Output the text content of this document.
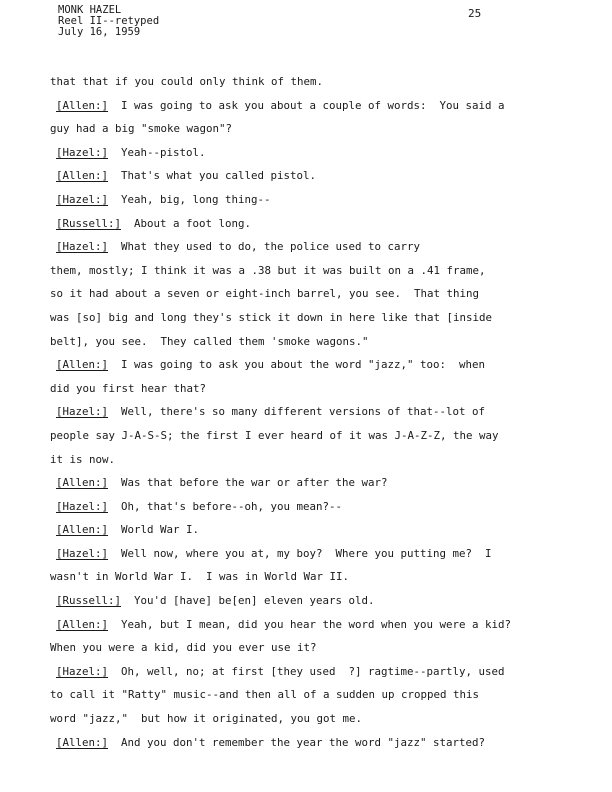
MONK HAZEL
Reel II--retyped
July 16, 1959
25
that that if you could only think of them.
[Allen:] I was going to ask you about a couple of words:  You said a
guy had a big "smoke wagon"?
[Hazel:] Yeah--pistol.
[Allen:] That's what you called pistol.
[Hazel:] Yeah, big, long thing--
[Russell:] About a foot long.
[Hazel:] What they used to do, the police used to carry
them, mostly; I think it was a .38 but it was built on a .41 frame,
so it had about a seven or eight-inch barrel, you see.  That thing
was [so] big and long they's stick it down in here like that [inside
belt], you see.  They called them 'smoke wagons."
[Allen:] I was going to ask you about the word "jazz," too:  when
did you first hear that?
[Hazel:] Well, there's so many different versions of that--lot of
people say J-A-S-S; the first I ever heard of it was J-A-Z-Z, the way
it is now.
[Allen:] Was that before the war or after the war?
[Hazel:] Oh, that's before--oh, you mean?--
[Allen:] World War I.
[Hazel:] Well now, where you at, my boy?  Where you putting me?  I
wasn't in World War I.  I was in World War II.
[Russell:] You'd [have] be[en] eleven years old.
[Allen:] Yeah, but I mean, did you hear the word when you were a kid?
When you were a kid, did you ever use it?
[Hazel:] Oh, well, no; at first [they used  ?] ragtime--partly, used
to call it "Ratty" music--and then all of a sudden up cropped this
word "jazz,"  but how it originated, you got me.
[Allen:] And you don't remember the year the word "jazz" started?
